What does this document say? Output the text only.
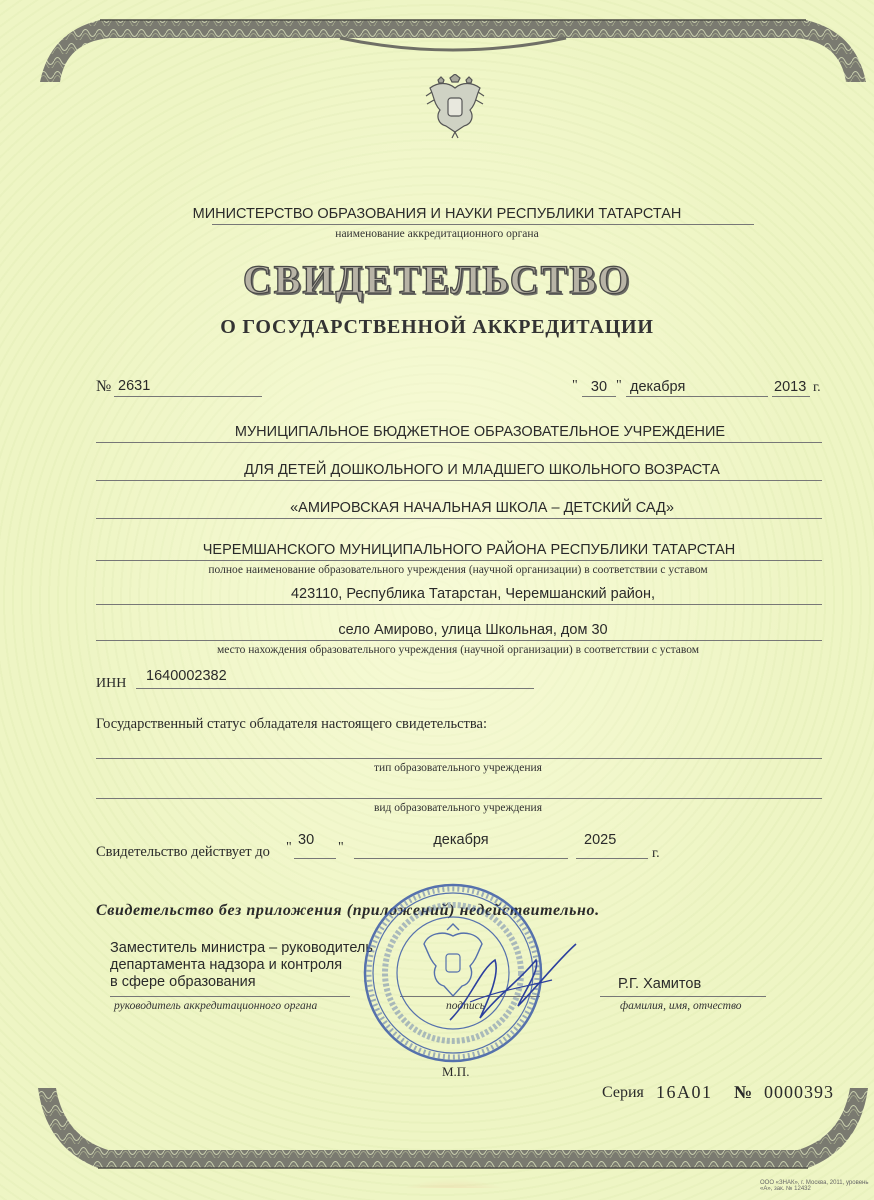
МИНИСТЕРСТВО ОБРАЗОВАНИЯ И НАУКИ РЕСПУБЛИКИ ТАТАРСТАН
наименование аккредитационного органа
СВИДЕТЕЛЬСТВО
О ГОСУДАРСТВЕННОЙ АККРЕДИТАЦИИ
№ 2631	" 30 " декабря	2013 г.
МУНИЦИПАЛЬНОЕ БЮДЖЕТНОЕ ОБРАЗОВАТЕЛЬНОЕ УЧРЕЖДЕНИЕ
ДЛЯ ДЕТЕЙ ДОШКОЛЬНОГО И МЛАДШЕГО ШКОЛЬНОГО ВОЗРАСТА
«АМИРОВСКАЯ НАЧАЛЬНАЯ ШКОЛА – ДЕТСКИЙ САД»
ЧЕРЕМШАНСКОГО МУНИЦИПАЛЬНОГО РАЙОНА РЕСПУБЛИКИ ТАТАРСТАН
полное наименование образовательного учреждения (научной организации) в соответствии с уставом
423110, Республика Татарстан, Черемшанский район,
село Амирово, улица Школьная, дом 30
место нахождения образовательного учреждения (научной организации) в соответствии с уставом
ИНН 1640002382
Государственный статус обладателя настоящего свидетельства:
тип образовательного учреждения
вид образовательного учреждения
Свидетельство действует до " 30 "	декабря	2025
г.
Свидетельство без приложения (приложений) недействительно.
Заместитель министра – руководитель
департамента надзора и контроля
в сфере образования	Р.Г. Хамитов
руководитель аккредитационного органа	подпись	фамилия, имя, отчество
М.П.
Серия 16А01 № 0000393
ООО «ЗНАК», г. Москва, 2011, уровень «А», зак. № 12432
